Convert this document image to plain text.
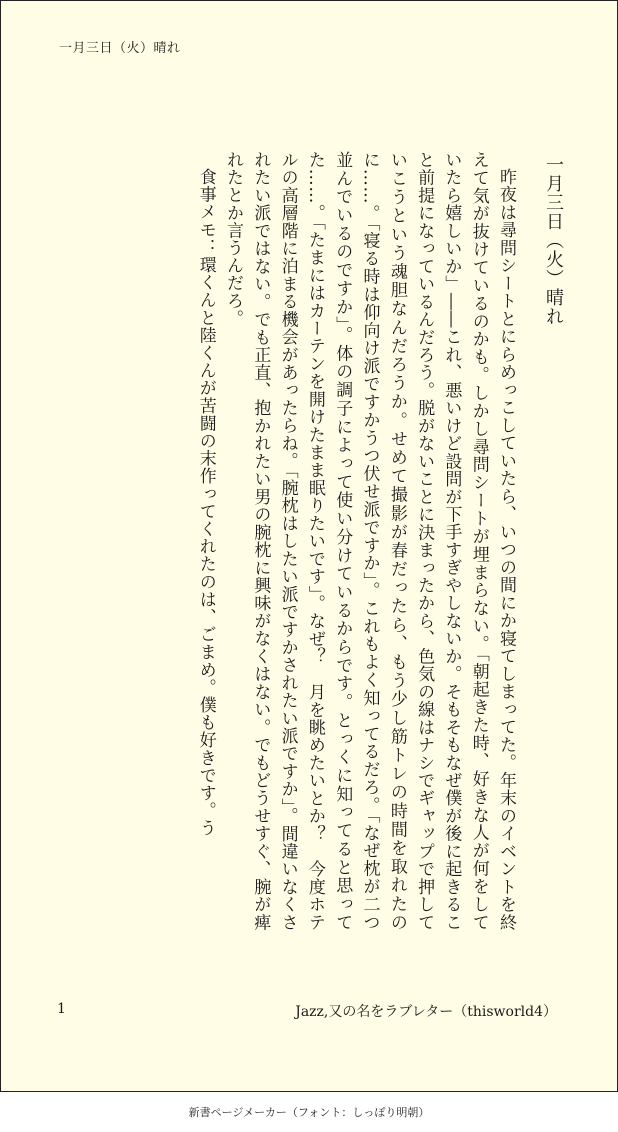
一月三日（火）晴れ
一月三日（火）晴れ

昨夜は尋問シートとにらめっこしていたら、いつの間にか寝てしまってた。年末のイベントを終えて気が抜けているのかも。しかし尋問シートが埋まらない。「朝起きた時、好きな人が何をしていたら嬉しいか」――これ、悪いけど設問が下手すぎやしないか。そもそもなぜ僕が後に起きること前提になっているんだろう。脱がないことに決まったから、色気の線はナシでギャップで押していこうという魂胆なんだろうか。せめて撮影が春だったら、もう少し筋トレの時間を取れたのに……。「寝る時は仰向け派ですかうつ伏せ派ですか」。これもよく知ってるだろ。「なぜ枕が二つ並んでいるのですか」。体の調子によって使い分けているからです。とっくに知ってると思ってた……。「たまにはカーテンを開けたまま眠りたいです」。なぜ？　月を眺めたいとか？　今度ホテルの高層階に泊まる機会があったらね。「腕枕はしたい派ですかされたい派ですか」。間違いなくされたい派ではない。でも正直、抱かれたい男の腕枕に興味がなくはない。でもどうせすぐ、腕が痺れたとか言うんだろ。

食事メモ：環くんと陸くんが苦闘の末作ってくれたのは、ごまめ。僕も好きです。う

1	Jazz,又の名をラブレター（thisworld4）
新書ページメーカー（フォント：しっぽり明朝）
